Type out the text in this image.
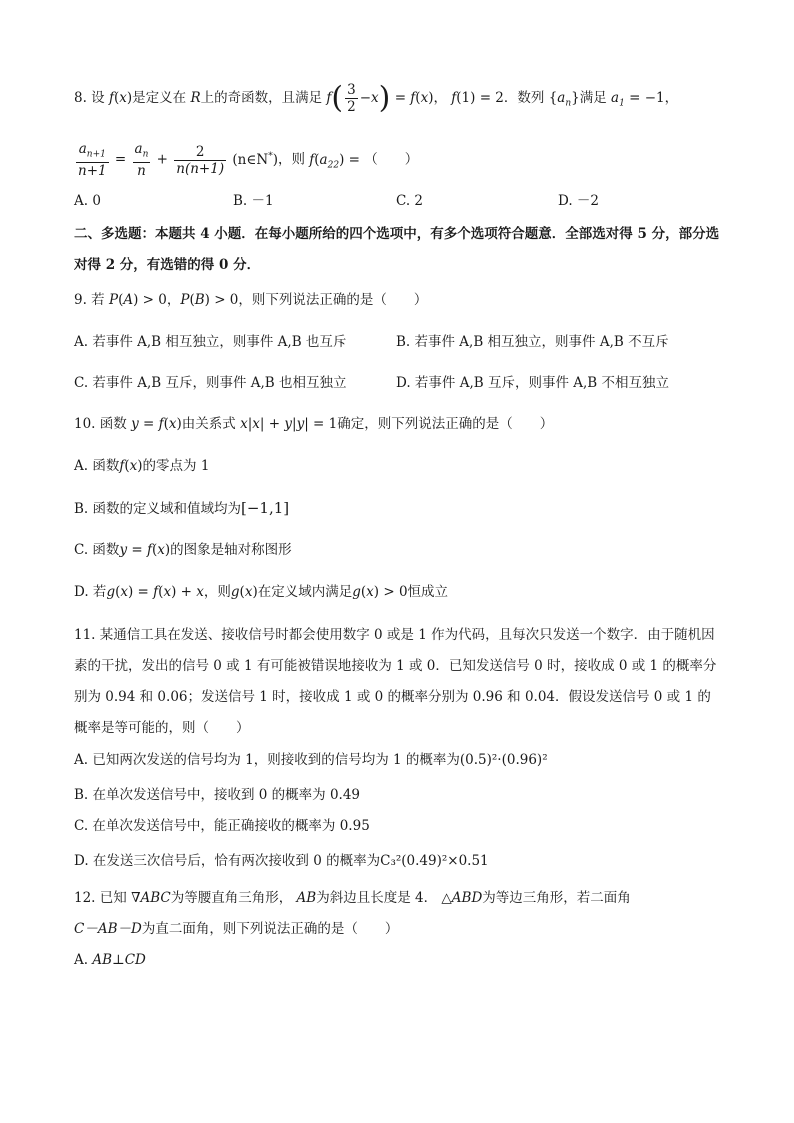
8. 设 f(x)是定义在 R上的奇函数，且满足 $f( \frac{3}{2} -x) = f(x)$， f(1) = 2．数列 $\{a_n\}$满足 $a_1 = -1$，
$\frac{a_{n+1}}{n+1} = \frac{a_n}{n} + \frac{2}{n(n+1)}$ (n∈N*)，则 $f(a_{22})$ = （　　）
A. 0	B. －1	C. 2	D. －2
二、多选题：本题共 4 小题．在每小题所给的四个选项中，有多个选项符合题意．全部选对得 5 分，部分选对得 2 分，有选错的得 0 分．
9. 若 P(A) > 0，P(B) > 0，则下列说法正确的是（　　）
A. 若事件 A,B 相互独立，则事件 A,B 也互斥	B. 若事件 A,B 相互独立，则事件 A,B 不互斥
C. 若事件 A,B 互斥，则事件 A,B 也相互独立	D. 若事件 A,B 互斥，则事件 A,B 不相互独立
10. 函数 y = f(x)由关系式 x|x| + y|y| = 1确定，则下列说法正确的是（　　）
A. 函数f(x)的零点为 1
B. 函数的定义域和值域均为[−1,1]
C. 函数y = f(x)的图象是轴对称图形
D. 若g(x) = f(x) + x，则g(x)在定义域内满足g(x) > 0恒成立
11. 某通信工具在发送、接收信号时都会使用数字 0 或是 1 作为代码，且每次只发送一个数字．由于随机因素的干扰，发出的信号 0 或 1 有可能被错误地接收为 1 或 0．已知发送信号 0 时，接收成 0 或 1 的概率分别为 0.94 和 0.06；发送信号 1 时，接收成 1 或 0 的概率分别为 0.96 和 0.04．假设发送信号 0 或 1 的概率是等可能的，则（　　）
A. 已知两次发送的信号均为 1，则接收到的信号均为 1 的概率为(0.5)²·(0.96)²
B. 在单次发送信号中，接收到 0 的概率为 0.49
C. 在单次发送信号中，能正确接收的概率为 0.95
D. 在发送三次信号后，恰有两次接收到 0 的概率为C₃²(0.49)²×0.51
12. 已知 ∇ABC为等腰直角三角形， AB为斜边且长度是 4． △ABD为等边三角形，若二面角
C－AB－D为直二面角，则下列说法正确的是（　　）
A. AB⊥CD
